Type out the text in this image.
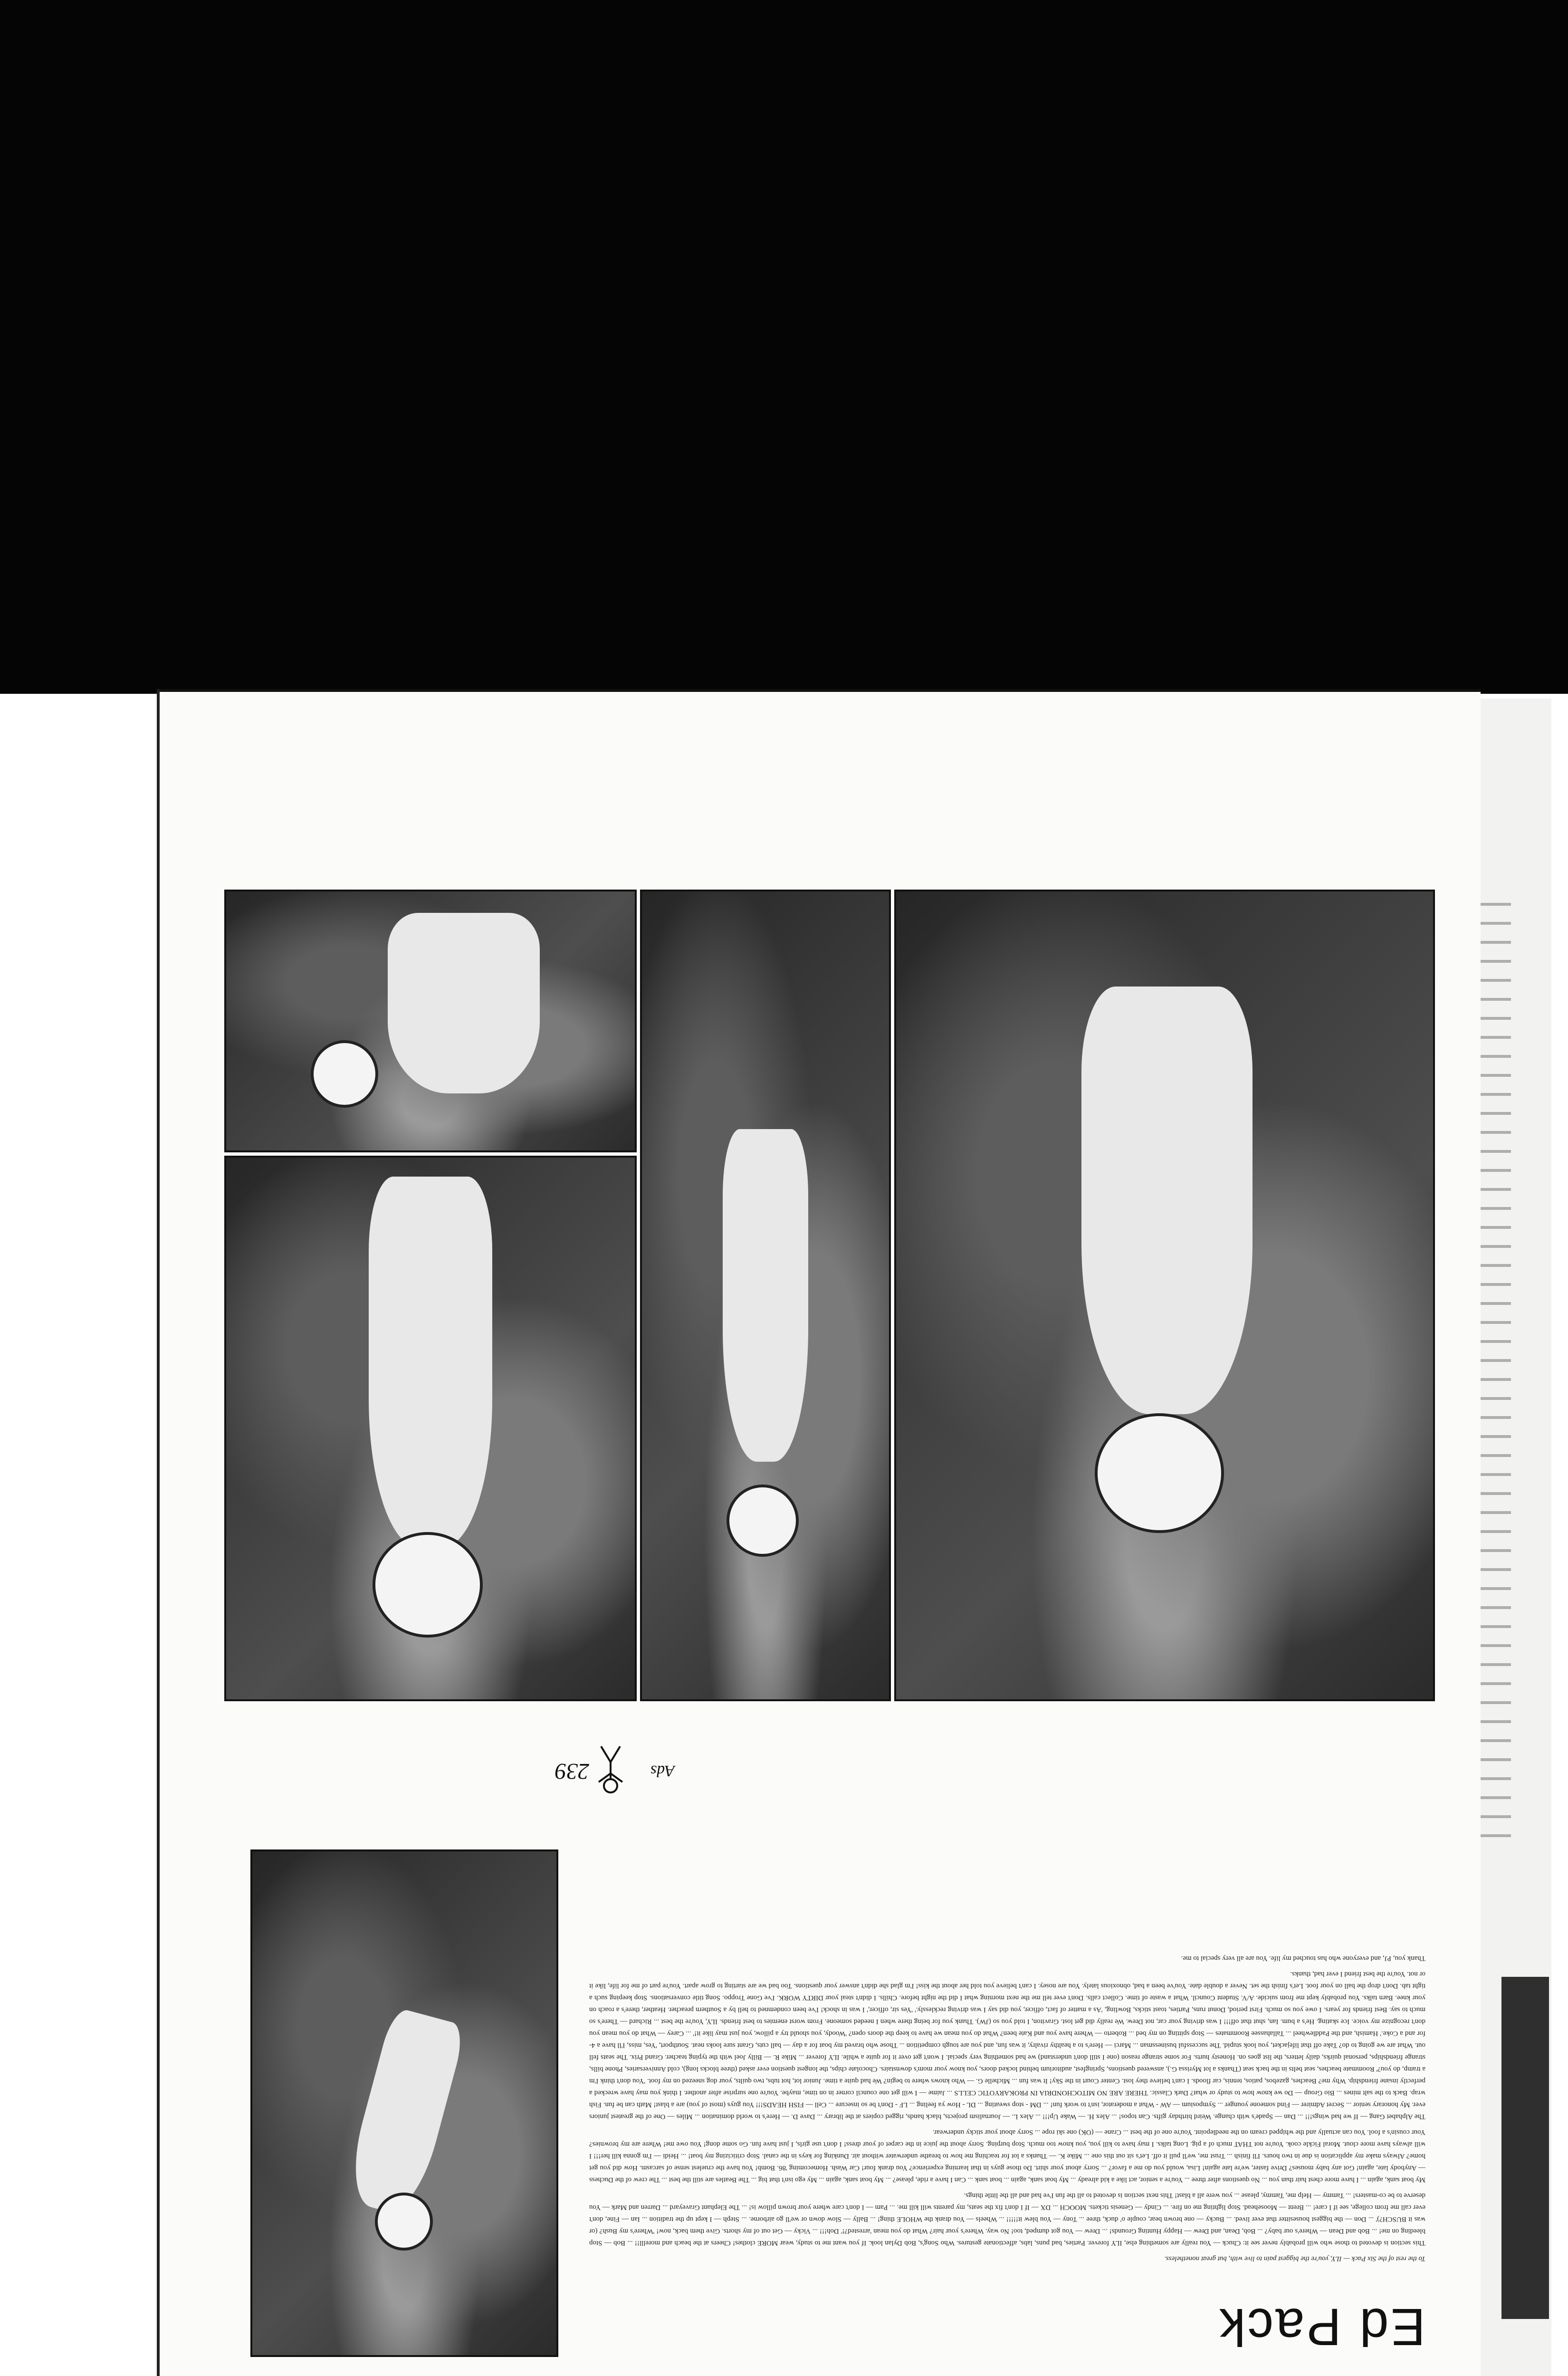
Ed Pack

To the rest of the Six Pack — ILY, you're the biggest pain to live with, but great nonetheless.

This section is devoted to those who will probably never see it: Chuck — You really are something else, ILY forever. Parties, bad puns, labs, affectionate gestures. Who Song's, Bob Dylan look. If you want me to study, wear MORE clothes! Cheers at the beach and morelll!! ... Bob — Stop bleeding on me! ... Bob and Dean — Where's our baby? ... Bob, Dean, and Drew — Happy Hunting Grounds! ... Drew — You got dumped, too! No way. Where's your hair? What do you mean 'arrested?!' Doh!!! ... Vicky — Get out of my shorts. Give them back, now! 'Where's my Bush? (or was it BUSCH?)' ... Don — the biggest housesitter that ever lived. ... Bucky — one brown bear, couple o' duck, three ... Tony — You blew it!!!!! ... Wheels — You drank the WHOLE thing! ... Bally — Slow down or we'll go airborne. ... Steph — I kept up the tradition ... Ian — Fine, don't ever call me from college, see if I care! ... Brent — Moosehead. Stop lighting me on fire. ... Cindy — Genesis tickets. MOOCH ... DX — If I don't fix the seats, my parents will kill me. ... Pam — I don't care where your brown pillow is! ... The Elephant Graveyard ... Darren and Mark — You deserve to be co-masters! ... Tammy — Help me, Tammy, please ... you were all a blast! This next section is devoted to all the fun I've had and all the little things.

My boat sank, again ... I have more chest hair than you ... No questions after three ... You're a senior, act like a kid already ... My boat sank, again ... boat sank ... Can I have a ride, please? ... My boat sank, again ... My ego isn't that big ... The Beatles are still the best ... The crew of the Duchess — Anybody late, again! Got any baby mouses? Drive faster, we're late again! Lisa, would you do me a favor? ... Sorry about your shirt. Do those guys in that learning experience? You drank four! Car Wash. Homecoming '86. Bomb! You have the cruelest sense of sarcasm. How did you get home? Always make my application is due in two hours. I'll finish ... Trust me, we'll pull it off. Let's sit out this one ... Mike K. — Thanks a lot for teaching me how to breathe underwater without air. Dunking for keys in the canal. Stop criticizing my boat! ... Heidi — I'm gonna kill her!!! I will always have more clout. Moral Fickle cook. You're not THAT much of a pig. Long talks. I may have to kill you, you know too much. Stop burping. Sorry about the juice in the carpet of your dress! I don't use girls, I just have fun. Go some dong! You owe me! Where are my brownies? Your cousin's a fool. You can actually and the whipped cream on the needlepoint. You're one of the best ... Crane — (OK) one ski rope ... Sorry about your sticky underwear.

The Alphabet Gang — If we had wings!!! ... Dan — Spade's with change. Weird birthday gifts. Can topos! ... Alex H. — Wake Up!!! ... Alex L. — Journalism projects, black hands, rigged copiers at the library ... Dave D. — Here's to world domination ... Miles — One of the greatest juniors ever. My honorary senior ... Secret Admirer — Find someone younger ... Symposium — AW - What a moderator, isn't to work fun! ... DM - stop sweating ... DL - How ya feeling ... LF - Don't be so insecure ... Cell — FISH HEADS!!! You guys (most of you) are a blast! Math can be fun. Fish wrap. Back to the salt mines ... Bio Group — Do we know how to study or what? Dark Classic. THERE ARE NO MITOCHONDRIA IN PROKARYOTIC CELLS ... Jaime — I will get one council corner in on time, maybe. You're one surprise after another. I think you may have wrecked a perfectly insane friendship. Why me? Beaches, gazebos, patios, tennis, car floods. I can't believe they lost. Center Court in the Sky! It was fun ... Michelle G. — Who knows where to begin? We had quite a time. Junior lot, hot tubs, two quilts, your dog sneezed on my foot. 'You don't think I'm a tramp, do you?' Roommate beaches, seat belts in the back seat (Thanks a lot Myrissa G.), answered questions, Springfest, auditorium behind locked doors, you know your mom's downstairs. Chocolate chips, the longest question ever asked (three blocks long), cold Anniversaries, Phone bills, strange friendships, personal quirks, daily letters, the list goes on. Honesty hurts. For some strange reason (one I still don't understand) we had something very special. I won't get over it for quite a while. ILY forever ... Mike R. — Billy Joel with the typing teacher. Grand Prix. The seats fell out. What are we going to do? Take off that lifejacket, you look stupid. The successful businessman ... Marci — Here's to a healthy rivalry, it was fun, and you are tough competition ... Those who braved my boat for a day — ball cuts, Grant sure looks neat. Southport, 'Yes, miss, I'll have a 4-for and a Coke.' Hamish, and the Paddlewheel ... Tallahassee Roommates — Stop spitting on my bed ... Roberto — Where have you and Kate been? What do you mean we have to keep the doors open? 'Woody, you should try a pillow, you just may like it!' ... Carey — What do you mean you don't recognize my voice. Ice skating. He's a bum. Ian, shut that off!!! I was driving your car, not Drew. We really did get lost. Graviton, I told you so (JW). Thank you for being there when I needed someone. From worst enemies to best friends. ILY, You're the best ... Richard — There's so much to say. Best friends for years. I owe you so much. First period, Donut runs, Parties, toast sticks, Bowling, 'As a matter of fact, officer, you did say I was driving recklessly.' 'Yes sir, officer,' I was in shock! I've been condemned to hell by a Southern preacher. Heather, there's a roach on your knee. Barn talks. You probably kept me from suicide. A/V. Student Council. What a waste of time. Collect calls. Don't ever tell me the next morning what I did the night before. Chills. I didn't steal your DIRTY WORK. I've Gone Troppo. Song title conversations. Stop keeping such a tight tab. Don't drop the ball on your foot. Let's finish the set. Never a double date. You've been a bad, obnoxious lately. You are nosey. I can't believe you told her about the kiss! I'm glad she didn't answer your questions. Too bad we are starting to grow apart. You're part of me for life, like it or not. You're the best friend I ever had, thanks.

Thank you, PJ, and everyone who has touched my life. You are all very special to me.

Ads
239
